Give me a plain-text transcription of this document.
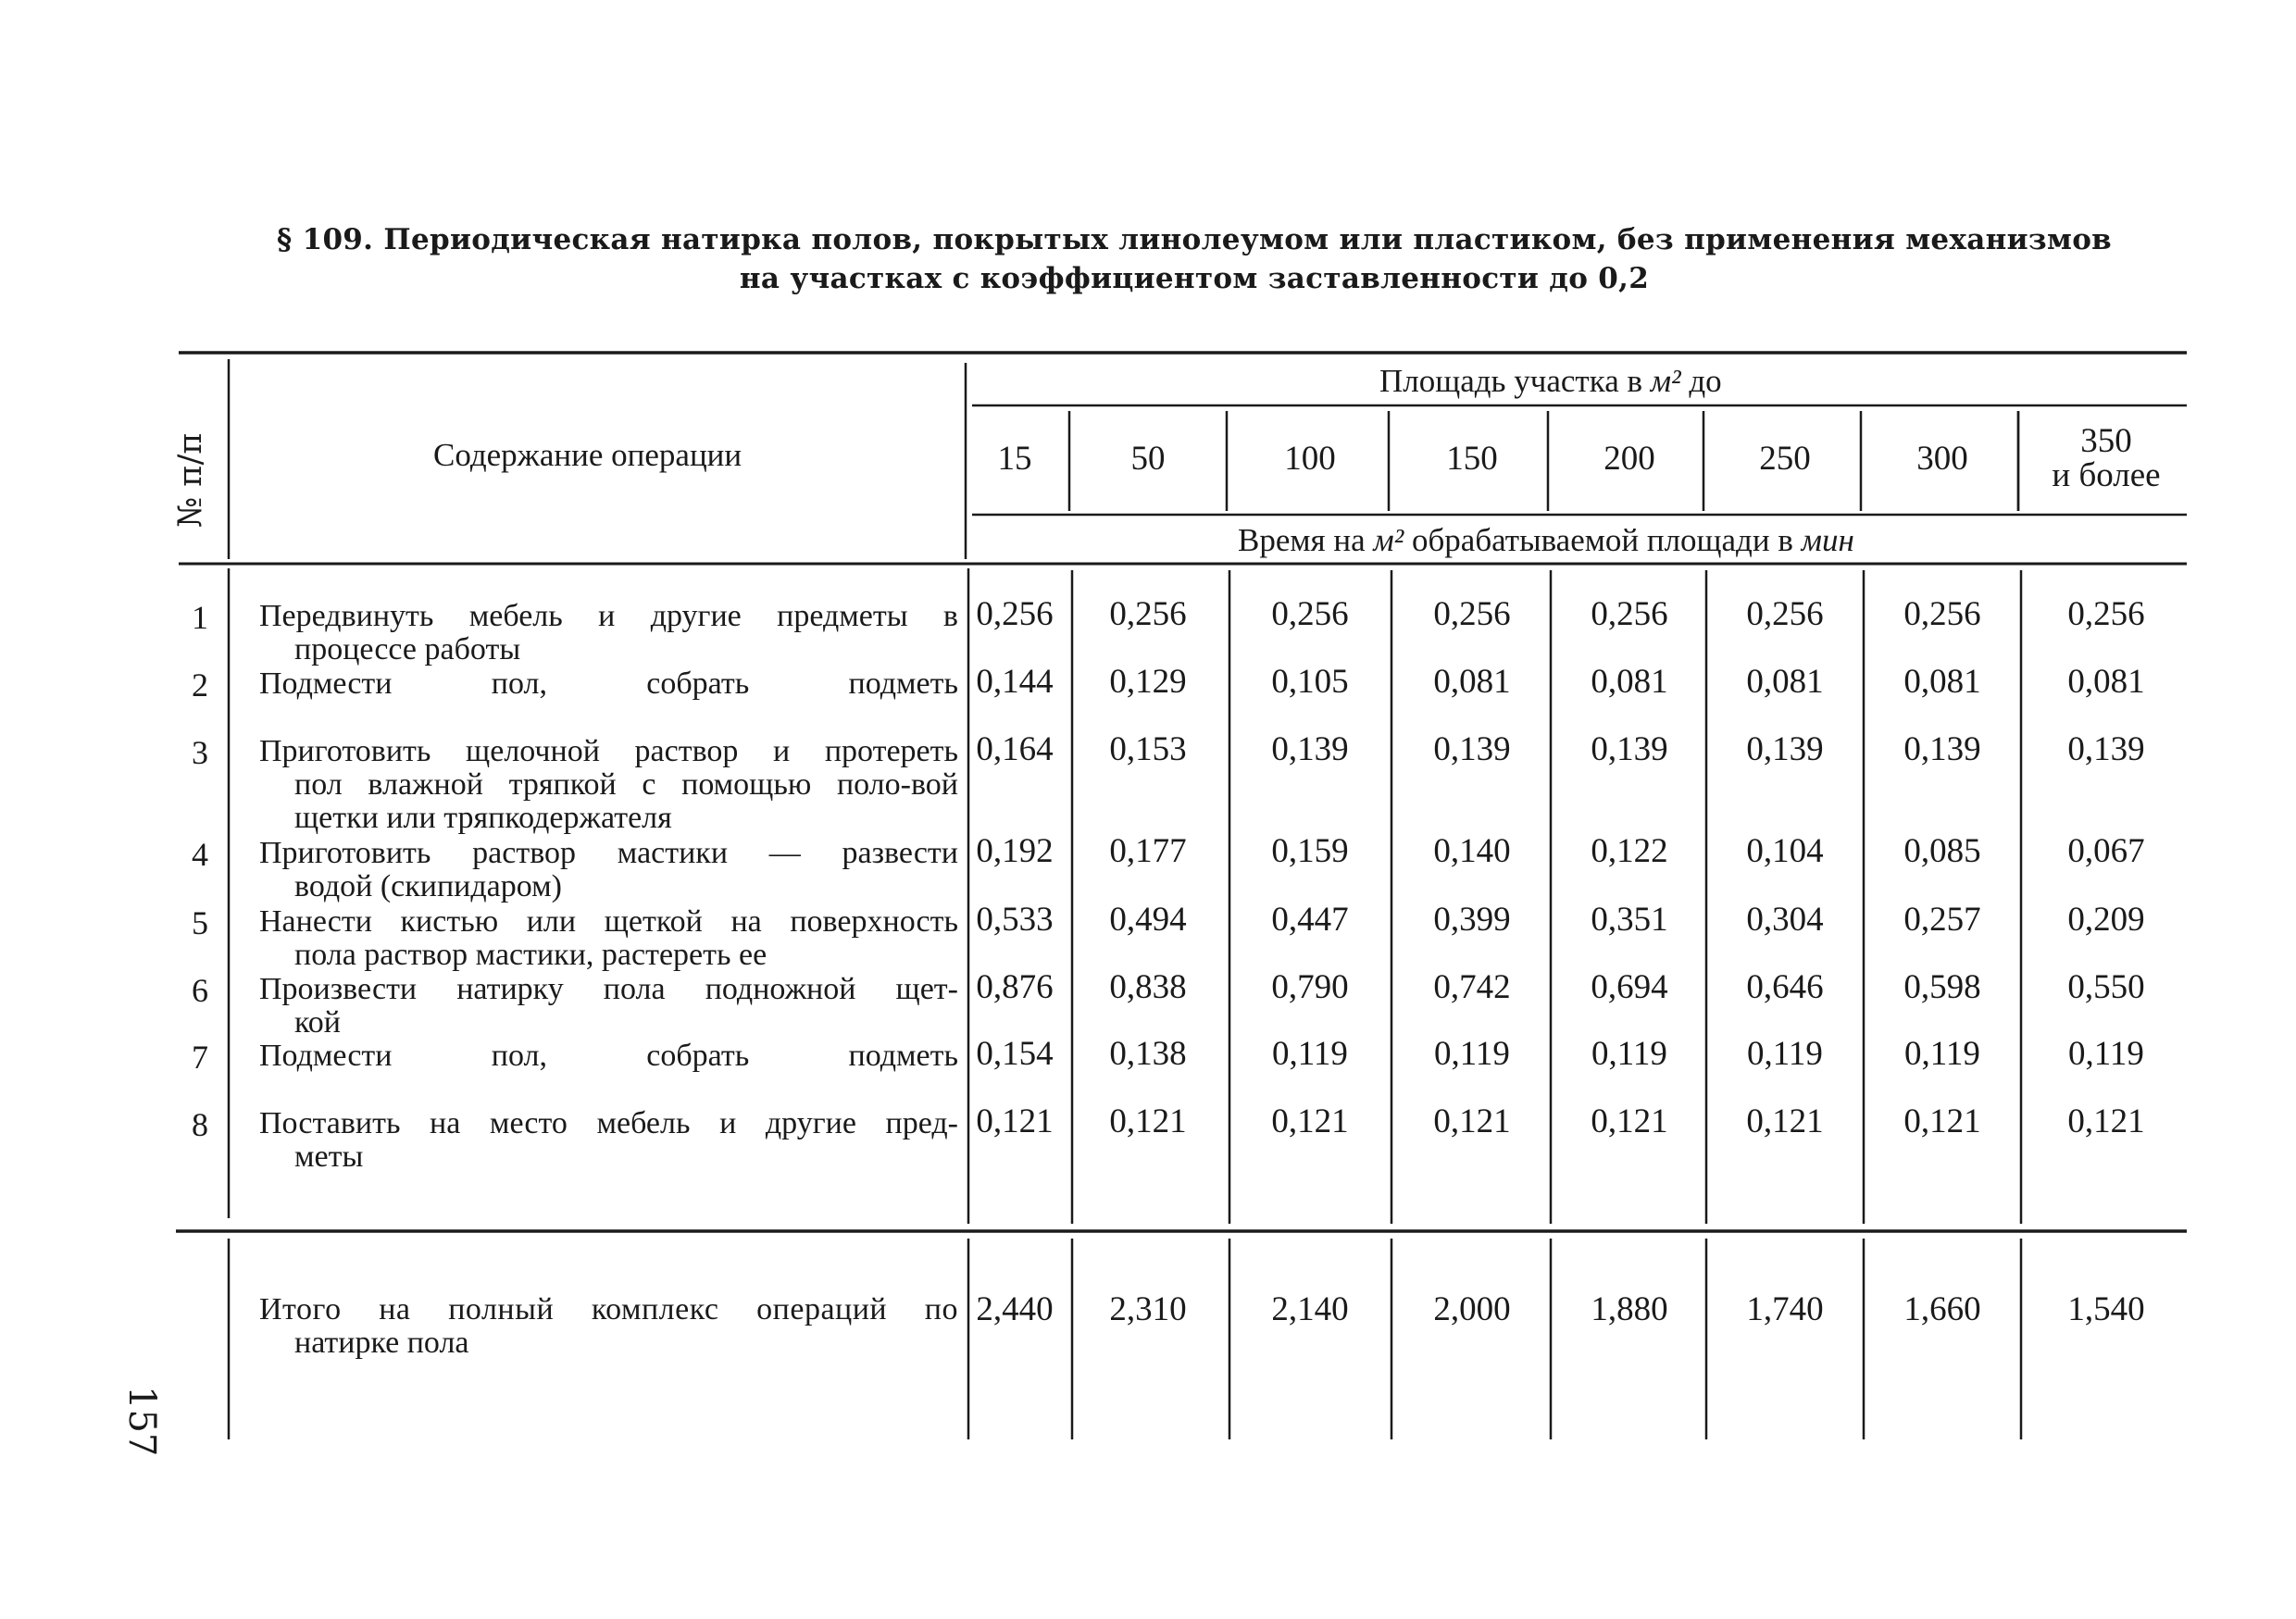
§ 109. Периодическая натирка полов, покрытых линолеумом или пластиком, без применения механизмов
на участках с коэффициентом заставленности до 0,2
№ п/п	Содержание операции
Площадь участка в м² до
Время на м² обрабатываемой площади в мин
15	50	100	150	200	250	300	350
и более
1	Передвинуть мебель и другие предметы в
процессе работы
0,256	0,256	0,256	0,256	0,256	0,256	0,256	0,256
2	Подмести пол, собрать подметь 0,144	0,129	0,105	0,081	0,081	0,081	0,081	0,081
3	Приготовить щелочной раствор и протереть
пол влажной тряпкой с помощью поло-вой щетки или тряпкодержателя
0,164	0,153	0,139	0,139	0,139	0,139	0,139	0,139
4	Приготовить раствор мастики — развести
водой (скипидаром)
0,192	0,177	0,159	0,140	0,122	0,104	0,085	0,067
5	Нанести кистью или щеткой на поверхность
пола раствор мастики, растереть ее
0,533	0,494	0,447	0,399	0,351	0,304	0,257	0,209
6	Произвести натирку пола подножной щет-
кой
0,876	0,838	0,790	0,742	0,694	0,646	0,598	0,550
7	Подмести пол, собрать подметь 0,154	0,138	0,119	0,119	0,119	0,119	0,119	0,119
8	Поставить на место мебель и другие пред-
меты
0,121	0,121	0,121	0,121	0,121	0,121	0,121	0,121
Итого на полный комплекс операций по
натирке пола
2,440	2,310	2,140	2,000	1,880	1,740	1,660	1,540
157
